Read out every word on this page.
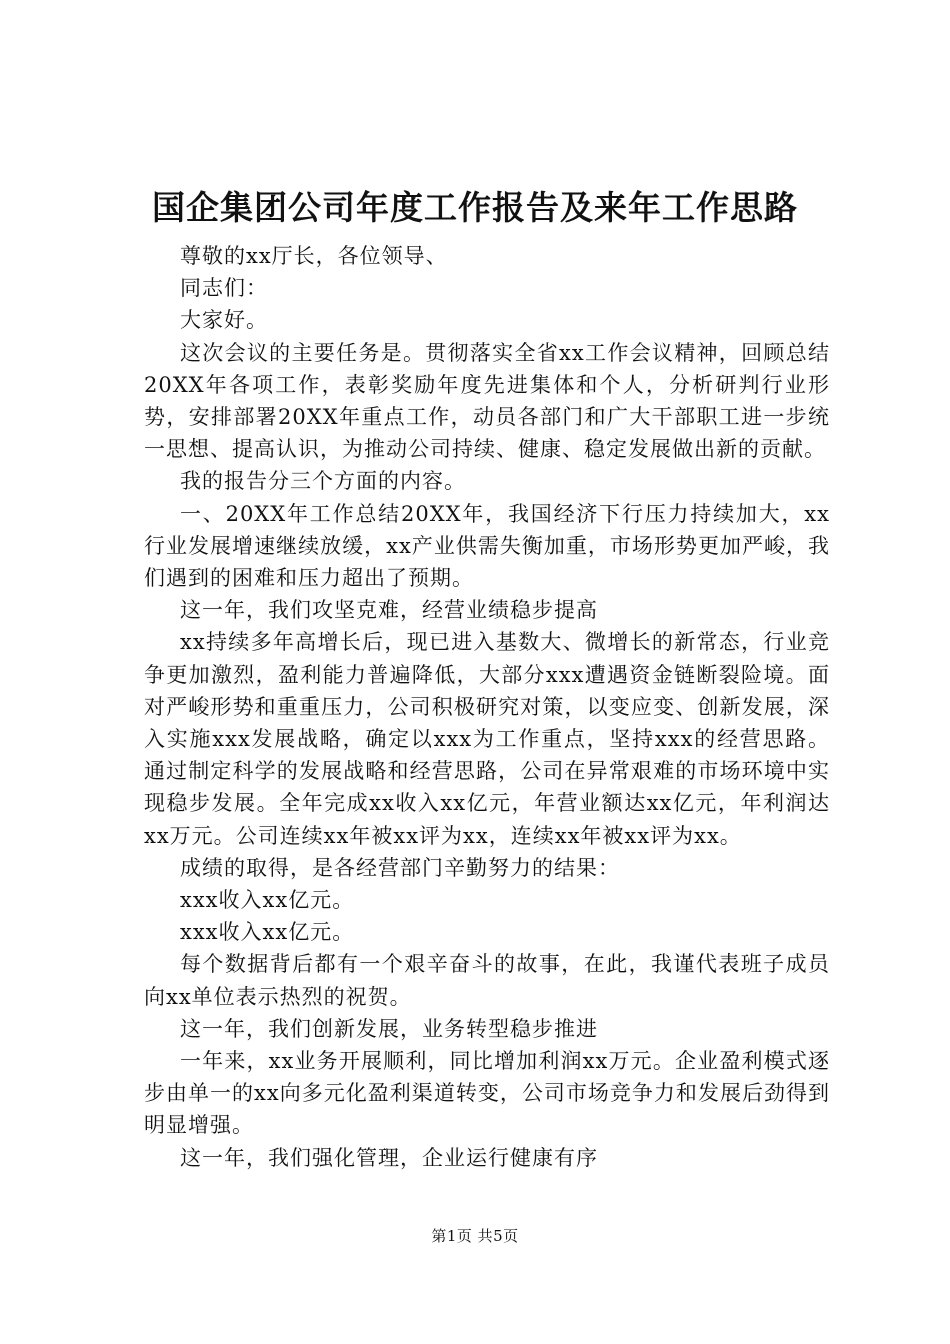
国企集团公司年度工作报告及来年工作思路

尊敬的xx厅长，各位领导、

同志们：

大家好。

这次会议的主要任务是。贯彻落实全省xx工作会议精神，回顾总结20XX年各项工作，表彰奖励年度先进集体和个人，分析研判行业形势，安排部署20XX年重点工作，动员各部门和广大干部职工进一步统一思想、提高认识，为推动公司持续、健康、稳定发展做出新的贡献。

我的报告分三个方面的内容。

一、20XX年工作总结20XX年，我国经济下行压力持续加大，xx行业发展增速继续放缓，xx产业供需失衡加重，市场形势更加严峻，我们遇到的困难和压力超出了预期。

这一年，我们攻坚克难，经营业绩稳步提高

xx持续多年高增长后，现已进入基数大、微增长的新常态，行业竞争更加激烈，盈利能力普遍降低，大部分xxx遭遇资金链断裂险境。面对严峻形势和重重压力，公司积极研究对策，以变应变、创新发展，深入实施xxx发展战略，确定以xxx为工作重点，坚持xxx的经营思路。通过制定科学的发展战略和经营思路，公司在异常艰难的市场环境中实现稳步发展。全年完成xx收入xx亿元，年营业额达xx亿元，年利润达xx万元。公司连续xx年被xx评为xx，连续xx年被xx评为xx。

成绩的取得，是各经营部门辛勤努力的结果：

xxx收入xx亿元。

xxx收入xx亿元。

每个数据背后都有一个艰辛奋斗的故事，在此，我谨代表班子成员向xx单位表示热烈的祝贺。

这一年，我们创新发展，业务转型稳步推进

一年来，xx业务开展顺利，同比增加利润xx万元。企业盈利模式逐步由单一的xx向多元化盈利渠道转变，公司市场竞争力和发展后劲得到明显增强。

这一年，我们强化管理，企业运行健康有序

第1页 共5页
